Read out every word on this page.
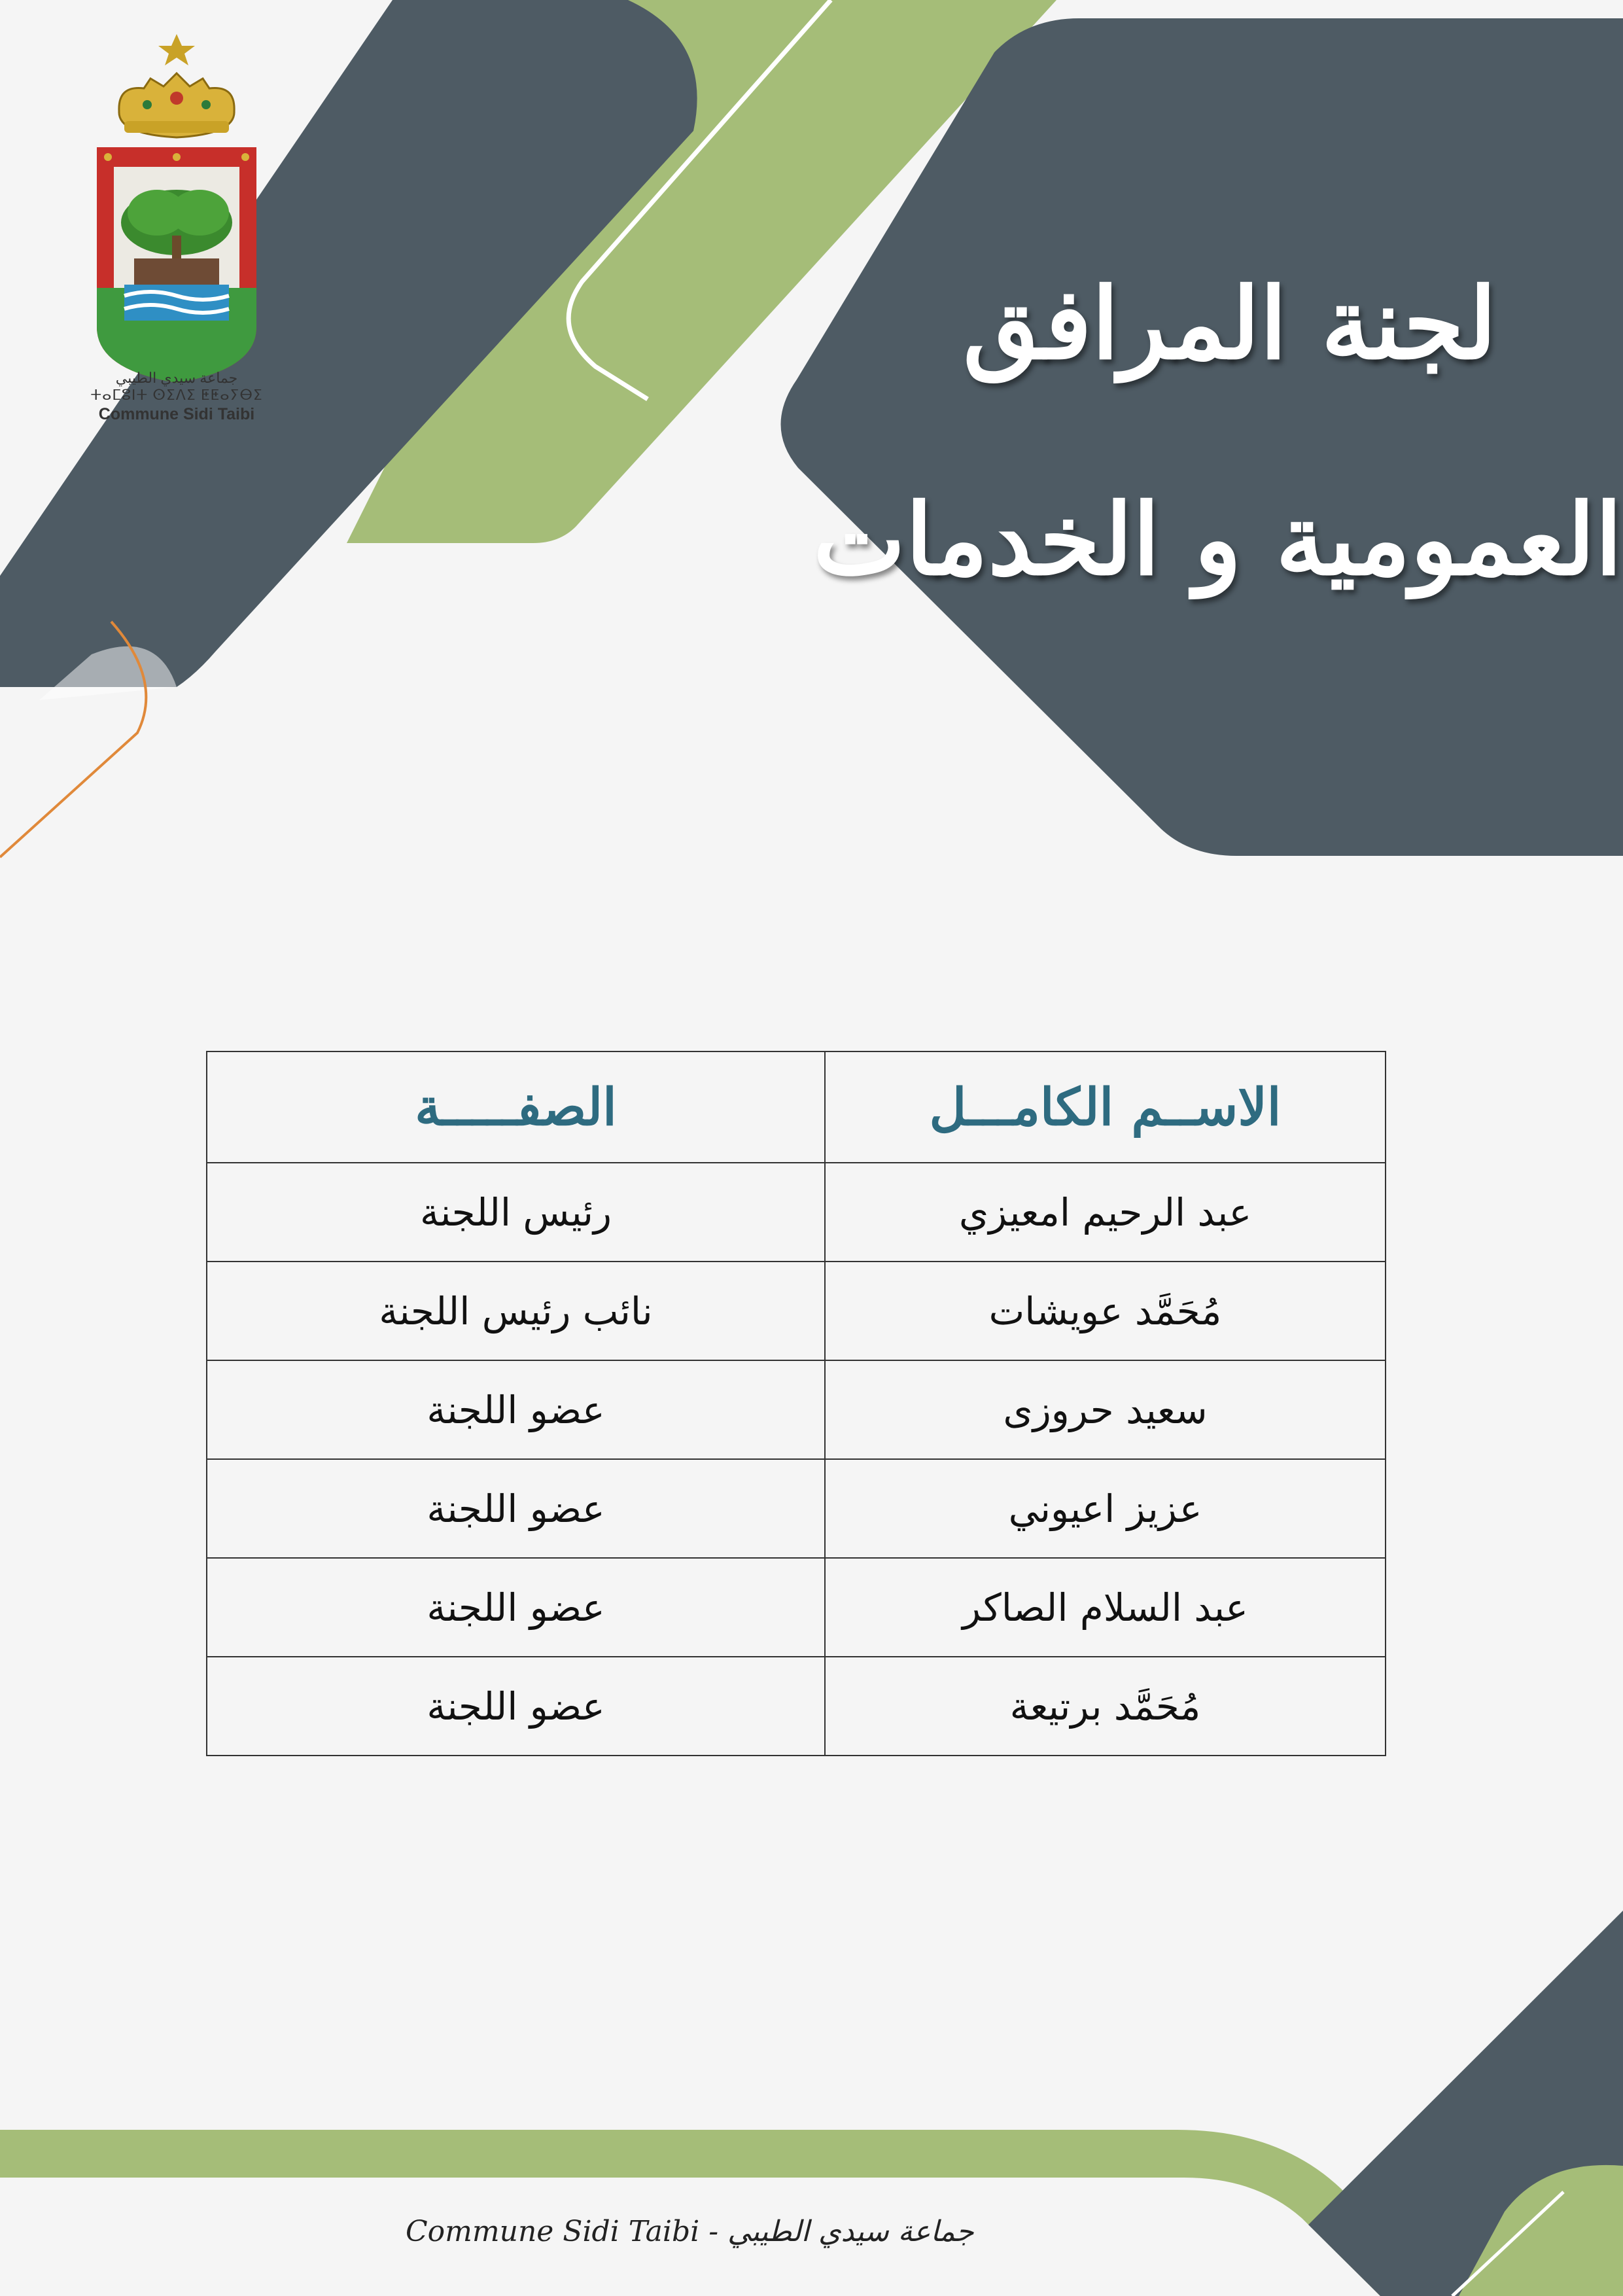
جماعة سيدي الطيبي
ⵜⴰⵎⵓⵏⵜ ⵙⵉⴷⵉ ⵟⵟⴰⵢⴱⵉ
Commune Sidi Taibi
لجنة المرافق
العمومية و الخدمات
الاســم الكامـــل	الصفـــــة
عبد الرحيم امعيزي	رئيس اللجنة
مُحَمَّد عويشات	نائب رئيس اللجنة
سعيد حروزى	عضو اللجنة
عزيز اعيوني	عضو اللجنة
عبد السلام الصاكر	عضو اللجنة
مُحَمَّد برتيعة	عضو اللجنة
Commune Sidi Taibi - جماعة سيدي الطيبي
